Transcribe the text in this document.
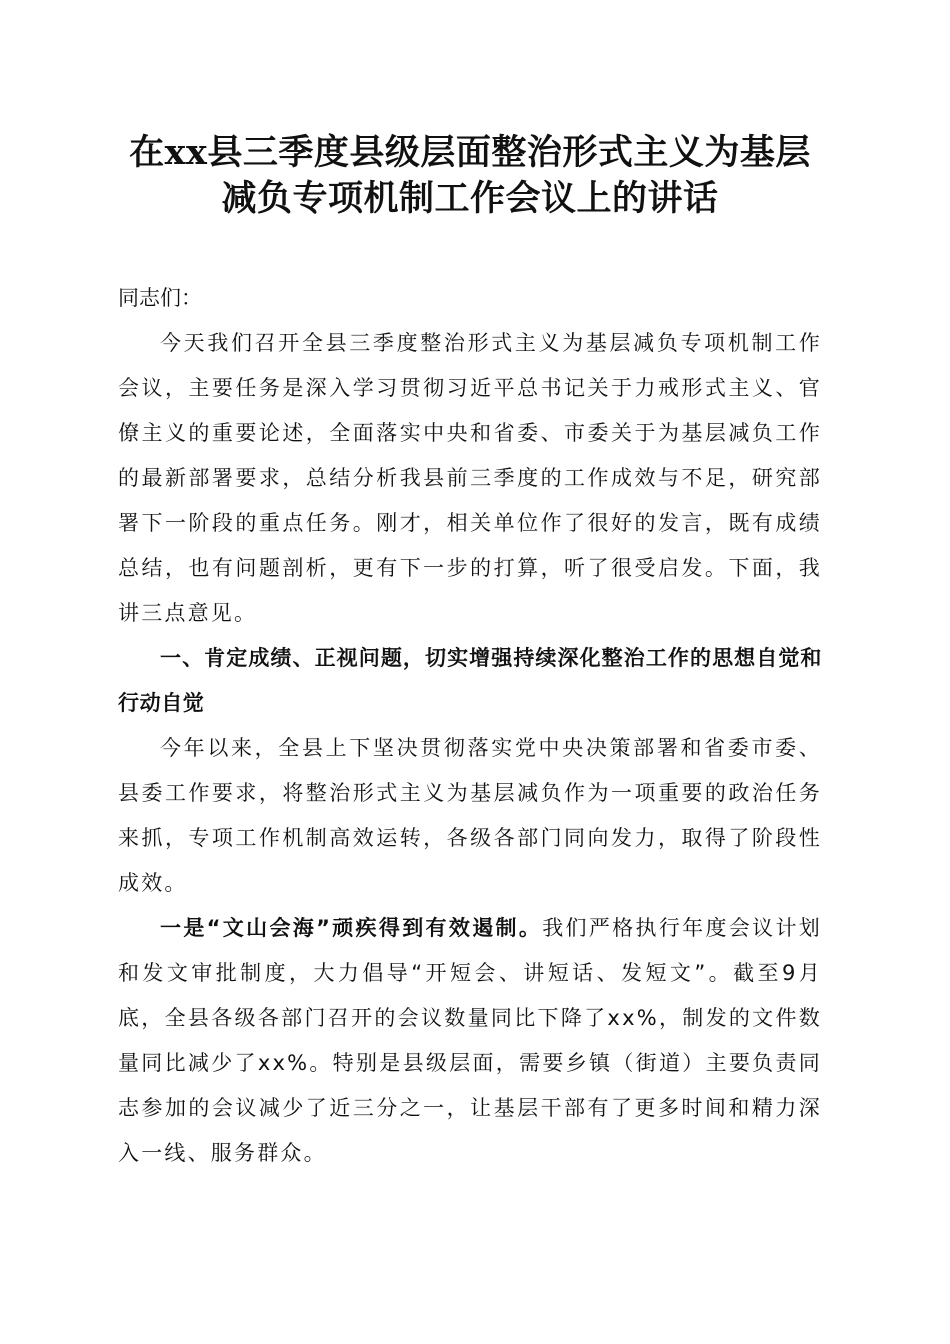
在xx县三季度县级层面整治形式主义为基层
减负专项机制工作会议上的讲话

同志们：

今天我们召开全县三季度整治形式主义为基层减负专项机制工作会议，主要任务是深入学习贯彻习近平总书记关于力戒形式主义、官僚主义的重要论述，全面落实中央和省委、市委关于为基层减负工作的最新部署要求，总结分析我县前三季度的工作成效与不足，研究部署下一阶段的重点任务。刚才，相关单位作了很好的发言，既有成绩总结，也有问题剖析，更有下一步的打算，听了很受启发。下面，我讲三点意见。

一、肯定成绩、正视问题，切实增强持续深化整治工作的思想自觉和行动自觉

今年以来，全县上下坚决贯彻落实党中央决策部署和省委市委、县委工作要求，将整治形式主义为基层减负作为一项重要的政治任务来抓，专项工作机制高效运转，各级各部门同向发力，取得了阶段性成效。

一是“文山会海”顽疾得到有效遏制。我们严格执行年度会议计划和发文审批制度，大力倡导“开短会、讲短话、发短文”。截至9月底，全县各级各部门召开的会议数量同比下降了xx%，制发的文件数量同比减少了xx%。特别是县级层面，需要乡镇（街道）主要负责同志参加的会议减少了近三分之一，让基层干部有了更多时间和精力深入一线、服务群众。
